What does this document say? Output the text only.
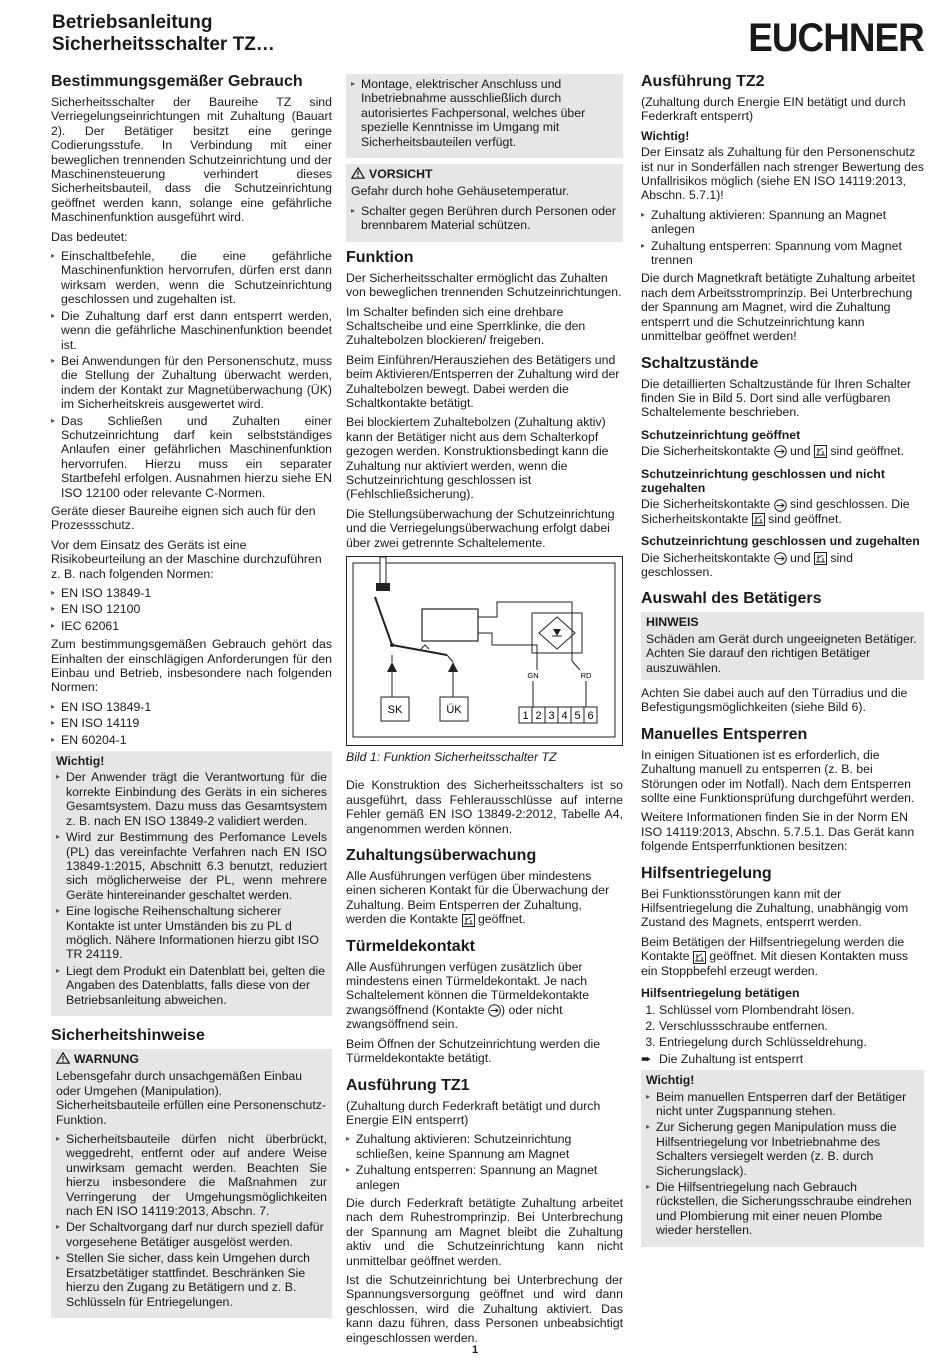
Betriebsanleitung
Sicherheitsschalter TZ…	EUCHNER
Bestimmungsgemäßer Gebrauch

Sicherheitsschalter der Baureihe TZ sind Verriegelungseinrichtungen mit Zuhaltung (Bauart 2). Der Betätiger besitzt eine geringe Codierungsstufe. In Verbindung mit einer beweglichen trennenden Schutzeinrichtung und der Maschinensteuerung verhindert dieses Sicherheitsbauteil, dass die Schutzeinrichtung geöffnet werden kann, solange eine gefährliche Maschinenfunktion ausgeführt wird.

Das bedeutet:

▸ Einschaltbefehle, die eine gefährliche Maschinenfunktion hervorrufen, dürfen erst dann wirksam werden, wenn die Schutzeinrichtung geschlossen und zugehalten ist.
▸ Die Zuhaltung darf erst dann entsperrt werden, wenn die gefährliche Maschinenfunktion beendet ist.
▸ Bei Anwendungen für den Personenschutz, muss die Stellung der Zuhaltung überwacht werden, indem der Kontakt zur Magnetüberwachung (ÜK) im Sicherheitskreis ausgewertet wird.
▸ Das Schließen und Zuhalten einer Schutzeinrichtung darf kein selbstständiges Anlaufen einer gefährlichen Maschinenfunktion hervorrufen. Hierzu muss ein separater Startbefehl erfolgen. Ausnahmen hierzu siehe EN ISO 12100 oder relevante C-Normen.

Geräte dieser Baureihe eignen sich auch für den Prozessschutz.

Vor dem Einsatz des Geräts ist eine Risikobeurteilung an der Maschine durchzuführen z. B. nach folgenden Normen:

▸ EN ISO 13849-1
▸ EN ISO 12100
▸ IEC 62061

Zum bestimmungsgemäßen Gebrauch gehört das Einhalten der einschlägigen Anforderungen für den Einbau und Betrieb, insbesondere nach folgenden Normen:

▸ EN ISO 13849-1
▸ EN ISO 14119
▸ EN 60204-1
Wichtig!
▸ Der Anwender trägt die Verantwortung für die korrekte Einbindung des Geräts in ein sicheres Gesamtsystem. Dazu muss das Gesamtsystem z. B. nach EN ISO 13849-2 validiert werden.
▸ Wird zur Bestimmung des Perfomance Levels (PL) das vereinfachte Verfahren nach EN ISO 13849-1:2015, Abschnitt 6.3 benutzt, reduziert sich möglicherweise der PL, wenn mehrere Geräte hintereinander geschaltet werden.
▸ Eine logische Reihenschaltung sicherer Kontakte ist unter Umständen bis zu PL d möglich. Nähere Informationen hierzu gibt ISO TR 24119.
▸ Liegt dem Produkt ein Datenblatt bei, gelten die Angaben des Datenblatts, falls diese von der Betriebsanleitung abweichen.
Sicherheitshinweise
WARNUNG

Lebensgefahr durch unsachgemäßen Einbau oder Umgehen (Manipulation). Sicherheitsbauteile erfüllen eine Personenschutz-Funktion.

▸ Sicherheitsbauteile dürfen nicht überbrückt, weggedreht, entfernt oder auf andere Weise unwirksam gemacht werden. Beachten Sie hierzu insbesondere die Maßnahmen zur Verringerung der Umgehungsmöglichkeiten nach EN ISO 14119:2013, Abschn. 7.
▸ Der Schaltvorgang darf nur durch speziell dafür vorgesehene Betätiger ausgelöst werden.
▸ Stellen Sie sicher, dass kein Umgehen durch Ersatzbetätiger stattfindet. Beschränken Sie hierzu den Zugang zu Betätigern und z. B. Schlüsseln für Entriegelungen.
▸ Montage, elektrischer Anschluss und Inbetriebnahme ausschließlich durch autorisiertes Fachpersonal, welches über spezielle Kenntnisse im Umgang mit Sicherheitsbauteilen verfügt.
VORSICHT

Gefahr durch hohe Gehäusetemperatur.

▸ Schalter gegen Berühren durch Personen oder brennbarem Material schützen.
Funktion

Der Sicherheitsschalter ermöglicht das Zuhalten von beweglichen trennenden Schutzeinrichtungen.

Im Schalter befinden sich eine drehbare Schaltscheibe und eine Sperrklinke, die den Zuhaltebolzen blockieren/ freigeben.

Beim Einführen/Herausziehen des Betätigers und beim Aktivieren/Entsperren der Zuhaltung wird der Zuhaltebolzen bewegt. Dabei werden die Schaltkontakte betätigt.

Bei blockiertem Zuhaltebolzen (Zuhaltung aktiv) kann der Betätiger nicht aus dem Schalterkopf gezogen werden. Konstruktionsbedingt kann die Zuhaltung nur aktiviert werden, wenn die Schutzeinrichtung geschlossen ist (Fehlschließsicherung).

Die Stellungsüberwachung der Schutzeinrichtung und die Verriegelungsüberwachung erfolgt dabei über zwei getrennte Schaltelemente.

SK	ÜK
GN	RD
1 2 3 4 5 6
Bild 1: Funktion Sicherheitsschalter TZ

Die Konstruktion des Sicherheitsschalters ist so ausgeführt, dass Fehlerausschlüsse auf interne Fehler gemäß EN ISO 13849-2:2012, Tabelle A4, angenommen werden können.

Zuhaltungsüberwachung

Alle Ausführungen verfügen über mindestens einen sicheren Kontakt für die Überwachung der Zuhaltung. Beim Entsperren der Zuhaltung, werden die Kontakte geöffnet.

Türmeldekontakt

Alle Ausführungen verfügen zusätzlich über mindestens einen Türmeldekontakt. Je nach Schaltelement können die Türmeldekontakte zwangsöffnend (Kontakte ) oder nicht zwangsöffnend sein.

Beim Öffnen der Schutzeinrichtung werden die Türmeldekontakte betätigt.

Ausführung TZ1

(Zuhaltung durch Federkraft betätigt und durch Energie EIN entsperrt)

▸ Zuhaltung aktivieren: Schutzeinrichtung schließen, keine Spannung am Magnet
▸ Zuhaltung entsperren: Spannung an Magnet anlegen

Die durch Federkraft betätigte Zuhaltung arbeitet nach dem Ruhestromprinzip. Bei Unterbrechung der Spannung am Magnet bleibt die Zuhaltung aktiv und die Schutzeinrichtung kann nicht unmittelbar geöffnet werden.

Ist die Schutzeinrichtung bei Unterbrechung der Spannungsversorgung geöffnet und wird dann geschlossen, wird die Zuhaltung aktiviert. Das kann dazu führen, dass Personen unbeabsichtigt eingeschlossen werden.

Ausführung TZ2

(Zuhaltung durch Energie EIN betätigt und durch Federkraft entsperrt)

Wichtig!

Der Einsatz als Zuhaltung für den Personenschutz ist nur in Sonderfällen nach strenger Bewertung des Unfallrisikos möglich (siehe EN ISO 14119:2013, Abschn. 5.7.1)!

▸ Zuhaltung aktivieren: Spannung an Magnet anlegen
▸ Zuhaltung entsperren: Spannung vom Magnet trennen

Die durch Magnetkraft betätigte Zuhaltung arbeitet nach dem Arbeitsstromprinzip. Bei Unterbrechung der Spannung am Magnet, wird die Zuhaltung entsperrt und die Schutzeinrichtung kann unmittelbar geöffnet werden!

Schaltzustände

Die detaillierten Schaltzustände für Ihren Schalter finden Sie in Bild 5. Dort sind alle verfügbaren Schaltelemente beschrieben.

Schutzeinrichtung geöffnet

Die Sicherheitskontakte und sind geöffnet.

Schutzeinrichtung geschlossen und nicht zugehalten

Die Sicherheitskontakte sind geschlossen. Die Sicherheitskontakte sind geöffnet.

Schutzeinrichtung geschlossen und zugehalten

Die Sicherheitskontakte und sind geschlossen.

Auswahl des Betätigers
HINWEIS

Schäden am Gerät durch ungeeigneten Betätiger. Achten Sie darauf den richtigen Betätiger auszuwählen.

Achten Sie dabei auch auf den Türradius und die Befestigungsmöglichkeiten (siehe Bild 6).

Manuelles Entsperren

In einigen Situationen ist es erforderlich, die Zuhaltung manuell zu entsperren (z. B. bei Störungen oder im Notfall). Nach dem Entsperren sollte eine Funktionsprüfung durchgeführt werden.

Weitere Informationen finden Sie in der Norm EN ISO 14119:2013, Abschn. 5.7.5.1. Das Gerät kann folgende Entsperrfunktionen besitzen:

Hilfsentriegelung

Bei Funktionsstörungen kann mit der Hilfsentriegelung die Zuhaltung, unabhängig vom Zustand des Magnets, entsperrt werden.

Beim Betätigen der Hilfsentriegelung werden die Kontakte geöffnet. Mit diesen Kontakten muss ein Stoppbefehl erzeugt werden.

Hilfsentriegelung betätigen
1. Schlüssel vom Plombendraht lösen.
2. Verschlussschraube entfernen.
3. Entriegelung durch Schlüsseldrehung.
➨ Die Zuhaltung ist entsperrt
Wichtig!
▸ Beim manuellen Entsperren darf der Betätiger nicht unter Zugspannung stehen.
▸ Zur Sicherung gegen Manipulation muss die Hilfsentriegelung vor Inbetriebnahme des Schalters versiegelt werden (z. B. durch Sicherungslack).
▸ Die Hilfsentriegelung nach Gebrauch rückstellen, die Sicherungsschraube eindrehen und Plombierung mit einer neuen Plombe wieder herstellen.
1
